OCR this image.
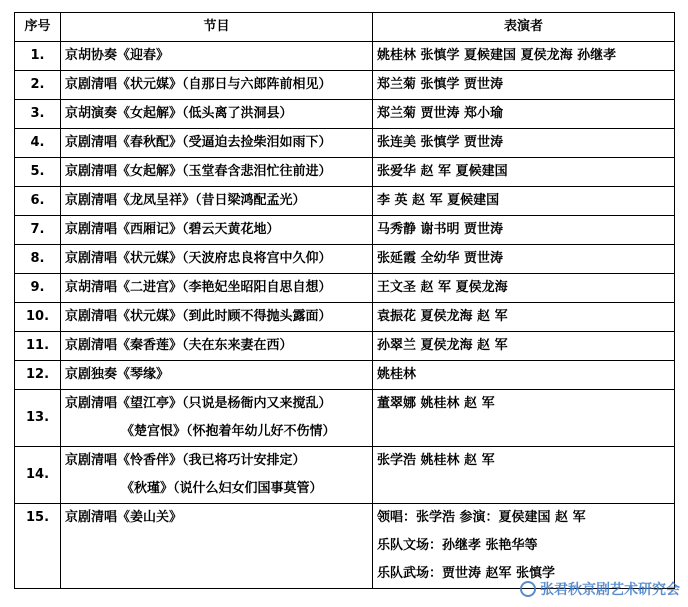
序号	节目	表演者
1.	京胡协奏《迎春》	姚桂林 张慎学 夏候建国 夏侯龙海 孙继孝
2.	京剧清唱《状元媒》（自那日与六郎阵前相见）	郑兰菊 张慎学 贾世涛
3.	京胡演奏《女起解》（低头离了洪洞县）	郑兰菊 贾世涛 郑小瑜
4.	京剧清唱《春秋配》（受逼迫去捡柴泪如雨下）	张连美 张慎学 贾世涛
5.	京剧清唱《女起解》（玉堂春含悲泪忙往前进）	张爱华 赵 军 夏候建国
6.	京剧清唱《龙凤呈祥》（昔日梁鸿配孟光）	李 英 赵 军 夏候建国
7.	京剧清唱《西厢记》（碧云天黄花地）	马秀静 谢书明 贾世涛
8.	京剧清唱《状元媒》（天波府忠良将宫中久仰）	张延霞 全幼华 贾世涛
9.	京胡清唱《二进宫》（李艳妃坐昭阳自思自想）	王文圣 赵 军 夏侯龙海
10.	京剧清唱《状元媒》（到此时顾不得抛头露面）	袁振花 夏侯龙海 赵 军
11.	京剧清唱《秦香莲》（夫在东来妻在西）	孙翠兰 夏侯龙海 赵 军
12.	京剧独奏《琴缘》	姚桂林
13.	京剧清唱《望江亭》（只说是杨衙内又来搅乱）
《楚宫恨》（怀抱着年幼儿好不伤情）	董翠娜 姚桂林 赵 军
14.	京剧清唱《怜香伴》（我已将巧计安排定）
《秋瑾》（说什么妇女们国事莫管）	张学浩 姚桂林 赵 军
15.	京剧清唱《姜山关》	领唱：张学浩 参演：夏侯建国 赵 军
乐队文场：孙继孝 张艳华等
乐队武场：贾世涛 赵军 张慎学
张君秋京剧艺术研究会
